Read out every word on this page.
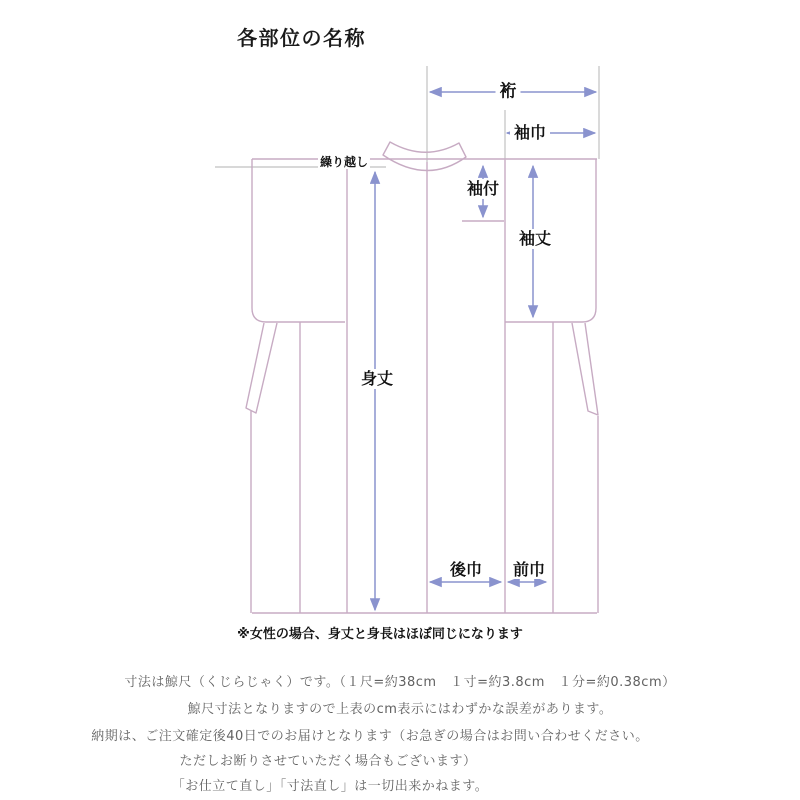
各部位の名称
裄
袖巾
繰り越し
袖付
袖丈
身丈
後巾 前巾
※女性の場合、身丈と身長はほぼ同じになります
寸法は鯨尺（くじらじゃく）です。（１尺=約38cm　１寸=約3.8cm　１分=約0.38cm）
鯨尺寸法となりますので上表のcm表示にはわずかな誤差があります。
納期は、ご注文確定後40日でのお届けとなります（お急ぎの場合はお問い合わせください。
ただしお断りさせていただく場合もございます）
「お仕立て直し」「寸法直し」は一切出来かねます。
